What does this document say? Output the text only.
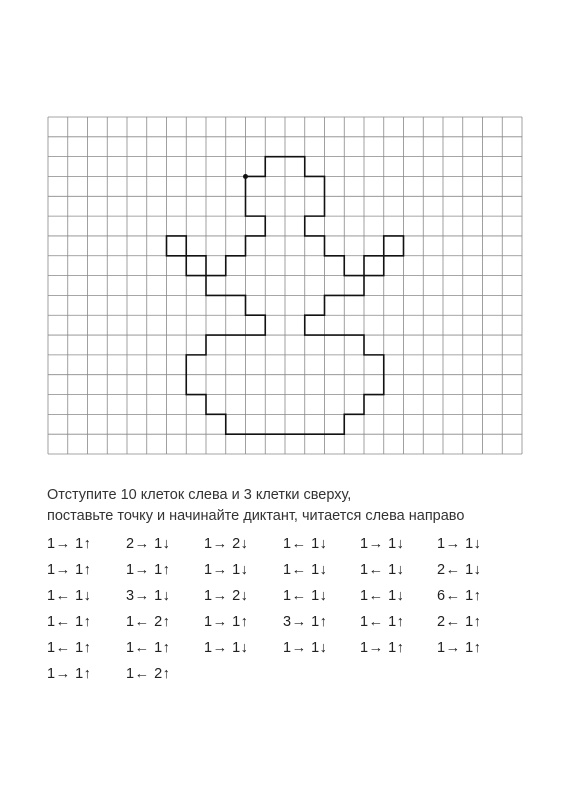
Отступите 10 клеток слева и 3 клетки сверху,
поставьте точку и начинайте диктант, читается слева направо
1→ 1↑ 2→ 1↓ 1→ 2↓ 1← 1↓ 1→ 1↓ 1→ 1↓
1→ 1↑ 1→ 1↑ 1→ 1↓ 1← 1↓ 1← 1↓ 2← 1↓
1← 1↓ 3→ 1↓ 1→ 2↓ 1← 1↓ 1← 1↓ 6← 1↑
1← 1↑ 1← 2↑ 1→ 1↑ 3→ 1↑ 1← 1↑ 2← 1↑
1← 1↑ 1← 1↑ 1→ 1↓ 1→ 1↓ 1→ 1↑ 1→ 1↑
1→ 1↑ 1← 2↑
